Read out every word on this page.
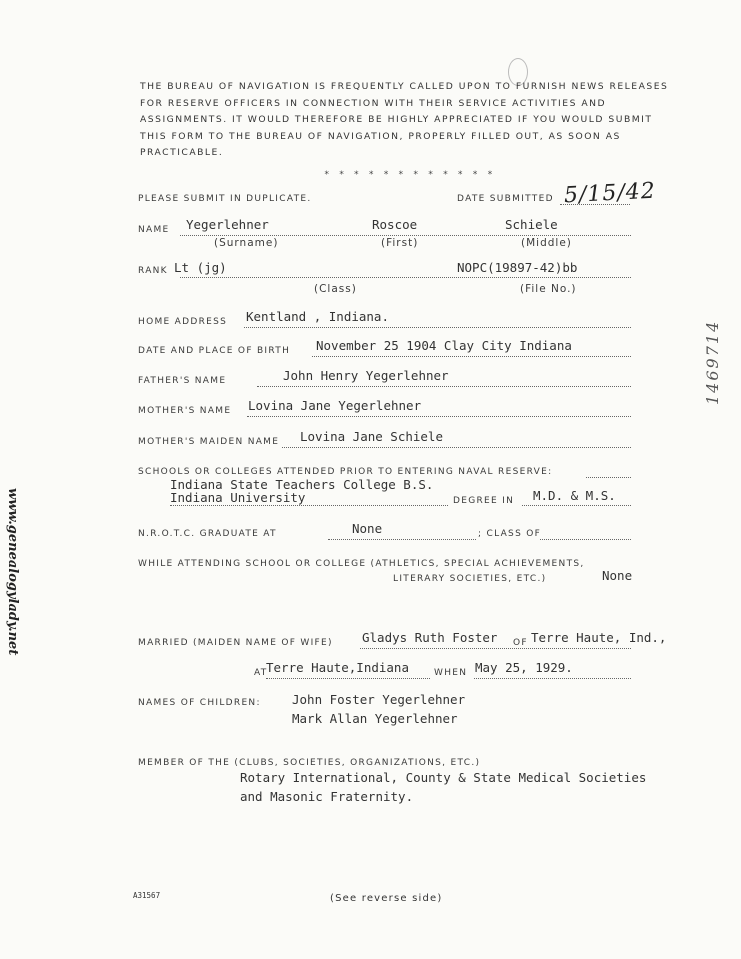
THE BUREAU OF NAVIGATION IS FREQUENTLY CALLED UPON TO FURNISH NEWS RELEASES FOR RESERVE OFFICERS IN CONNECTION WITH THEIR SERVICE ACTIVITIES AND ASSIGNMENTS. IT WOULD THEREFORE BE HIGHLY APPRECIATED IF YOU WOULD SUBMIT THIS FORM TO THE BUREAU OF NAVIGATION, PROPERLY FILLED OUT, AS SOON AS PRACTICABLE.
* * * * * * * * * * * *
PLEASE SUBMIT IN DUPLICATE.	DATE SUBMITTED 5/15/42
NAME Yegerlehner	Roscoe	Schiele
(Surname)	(First)	(Middle)
RANK Lt (jg)	NOPC(19897-42)bb
(Class)	(File No.)
HOME ADDRESS Kentland , Indiana.
DATE AND PLACE OF BIRTH November 25 1904 Clay City Indiana
FATHER'S NAME	John Henry Yegerlehner
MOTHER'S NAME Lovina Jane Yegerlehner
MOTHER'S MAIDEN NAME Lovina Jane Schiele
SCHOOLS OR COLLEGES ATTENDED PRIOR TO ENTERING NAVAL RESERVE:
Indiana State Teachers College B.S.
Indiana University	DEGREE IN M.D. & M.S.
N.R.O.T.C. GRADUATE AT	None	; CLASS OF
WHILE ATTENDING SCHOOL OR COLLEGE (ATHLETICS, SPECIAL ACHIEVEMENTS,
LITERARY SOCIETIES, ETC.)	None
MARRIED (MAIDEN NAME OF WIFE) Gladys Ruth Foster OF Terre Haute, Ind.,
AT
Terre Haute,Indiana	WHEN May 25, 1929.
NAMES OF CHILDREN: John Foster Yegerlehner
Mark Allan Yegerlehner
MEMBER OF THE (CLUBS, SOCIETIES, ORGANIZATIONS, ETC.)
Rotary International, County & State Medical Societies
and Masonic Fraternity.
www.genealogylady.net
1469714
A31567	(See reverse side)
